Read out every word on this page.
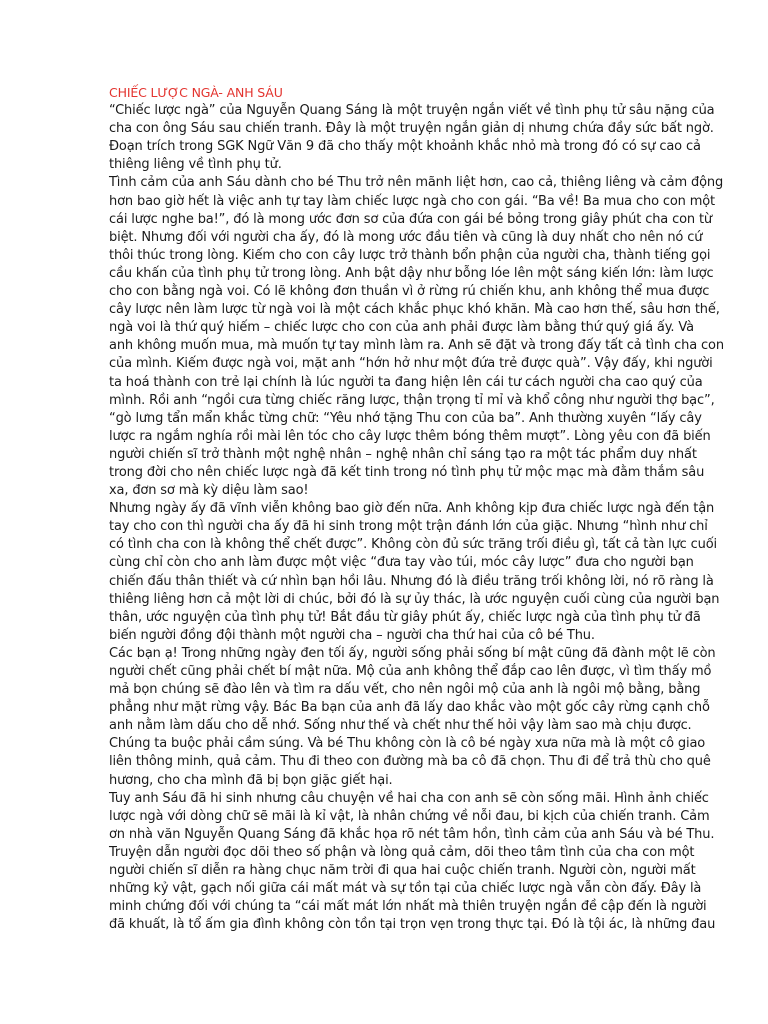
CHIẾC LƯỢC NGÀ- ANH SÁU

“Chiếc lược ngà” của Nguyễn Quang Sáng là một truyện ngắn viết về tình phụ tử sâu nặng của
cha con ông Sáu sau chiến tranh. Đây là một truyện ngắn giản dị nhưng chứa đầy sức bất ngờ.
Đoạn trích trong SGK Ngữ Văn 9 đã cho thấy một khoảnh khắc nhỏ mà trong đó có sự cao cả
thiêng liêng về tình phụ tử.
Tình cảm của anh Sáu dành cho bé Thu trở nên mãnh liệt hơn, cao cả, thiêng liêng và cảm động
hơn bao giờ hết là việc anh tự tay làm chiếc lược ngà cho con gái. “Ba về! Ba mua cho con một
cái lược nghe ba!”, đó là mong ước đơn sơ của đứa con gái bé bỏng trong giây phút cha con từ
biệt. Nhưng đối với người cha ấy, đó là mong ước đầu tiên và cũng là duy nhất cho nên nó cứ
thôi thúc trong lòng. Kiếm cho con cây lược trở thành bổn phận của người cha, thành tiếng gọi
cầu khấn của tình phụ tử trong lòng. Anh bật dậy như bỗng lóe lên một sáng kiến lớn: làm lược
cho con bằng ngà voi. Có lẽ không đơn thuần vì ở rừng rú chiến khu, anh không thể mua được
cây lược nên làm lược từ ngà voi là một cách khắc phục khó khăn. Mà cao hơn thế, sâu hơn thế,
ngà voi là thứ quý hiếm – chiếc lược cho con của anh phải được làm bằng thứ quý giá ấy. Và
anh không muốn mua, mà muốn tự tay mình làm ra. Anh sẽ đặt và trong đấy tất cả tình cha con
của mình. Kiếm được ngà voi, mặt anh “hớn hở như một đứa trẻ được quà”. Vậy đấy, khi người
ta hoá thành con trẻ lại chính là lúc người ta đang hiện lên cái tư cách người cha cao quý của
mình. Rồi anh “ngồi cưa từng chiếc răng lược, thận trọng tỉ mỉ và khổ công như người thợ bạc”,
“gò lưng tẩn mẩn khắc từng chữ: “Yêu nhớ tặng Thu con của ba”. Anh thường xuyên “lấy cây
lược ra ngắm nghía rồi mài lên tóc cho cây lược thêm bóng thêm mượt”. Lòng yêu con đã biến
người chiến sĩ trở thành một nghệ nhân – nghệ nhân chỉ sáng tạo ra một tác phẩm duy nhất
trong đời cho nên chiếc lược ngà đã kết tinh trong nó tình phụ tử mộc mạc mà đằm thắm sâu
xa, đơn sơ mà kỳ diệu làm sao!
Nhưng ngày ấy đã vĩnh viễn không bao giờ đến nữa. Anh không kịp đưa chiếc lược ngà đến tận
tay cho con thì người cha ấy đã hi sinh trong một trận đánh lớn của giặc. Nhưng “hình như chỉ
có tình cha con là không thể chết được”. Không còn đủ sức trăng trối điều gì, tất cả tàn lực cuối
cùng chỉ còn cho anh làm được một việc “đưa tay vào túi, móc cây lược” đưa cho người bạn
chiến đấu thân thiết và cứ nhìn bạn hồi lâu. Nhưng đó là điều trăng trối không lời, nó rõ ràng là
thiêng liêng hơn cả một lời di chúc, bởi đó là sự ủy thác, là ước nguyện cuối cùng của người bạn
thân, ước nguyện của tình phụ tử! Bắt đầu từ giây phút ấy, chiếc lược ngà của tình phụ tử đã
biến người đồng đội thành một người cha – người cha thứ hai của cô bé Thu.
Các bạn ạ! Trong những ngày đen tối ấy, người sống phải sống bí mật cũng đã đành một lẽ còn
người chết cũng phải chết bí mật nữa. Mộ của anh không thể đắp cao lên được, vì tìm thấy mồ
mả bọn chúng sẽ đào lên và tìm ra dấu vết, cho nên ngôi mộ của anh là ngôi mộ bằng, bằng
phẳng như mặt rừng vậy. Bác Ba bạn của anh đã lấy dao khắc vào một gốc cây rừng cạnh chỗ
anh nằm làm dấu cho dễ nhớ. Sống như thế và chết như thế hỏi vậy làm sao mà chịu được.
Chúng ta buộc phải cầm súng. Và bé Thu không còn là cô bé ngày xưa nữa mà là một cô giao
liên thông minh, quả cảm. Thu đi theo con đường mà ba cô đã chọn. Thu đi để trả thù cho quê
hương, cho cha mình đã bị bọn giặc giết hại.
Tuy anh Sáu đã hi sinh nhưng câu chuyện về hai cha con anh sẽ còn sống mãi. Hình ảnh chiếc
lược ngà với dòng chữ sẽ mãi là kỉ vật, là nhân chứng về nỗi đau, bi kịch của chiến tranh. Cảm
ơn nhà văn Nguyễn Quang Sáng đã khắc họa rõ nét tâm hồn, tình cảm của anh Sáu và bé Thu.
Truyện dẫn người đọc dõi theo số phận và lòng quả cảm, dõi theo tâm tình của cha con một
người chiến sĩ diễn ra hàng chục năm trời đi qua hai cuộc chiến tranh. Người còn, người mất
những kỷ vật, gạch nối giữa cái mất mát và sự tồn tại của chiếc lược ngà vẫn còn đấy. Đây là
minh chứng đối với chúng ta “cái mất mát lớn nhất mà thiên truyện ngắn đề cập đến là người
đã khuất, là tổ ấm gia đình không còn tồn tại trọn vẹn trong thực tại. Đó là tội ác, là những đau
